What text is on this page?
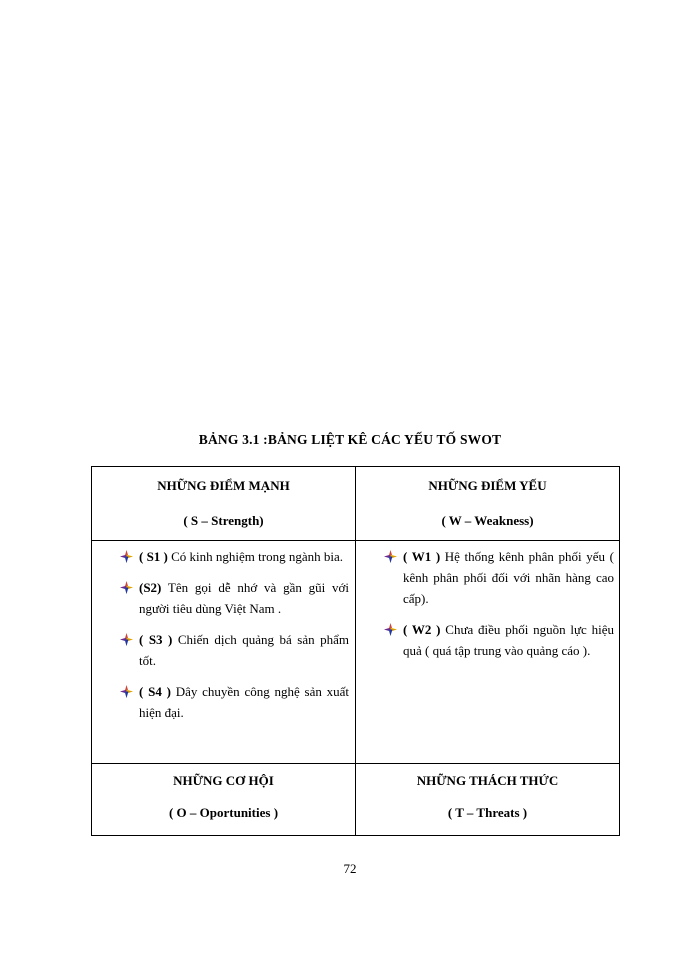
BẢNG 3.1 :BẢNG LIỆT KÊ CÁC YẾU TỐ SWOT
NHỮNG ĐIỂM MẠNH
( S – Strength)
NHỮNG ĐIỂM YẾU
( W – Weakness)
( S1 ) Có kinh nghiệm trong ngành bia.
(S2) Tên gọi dễ nhớ và gần gũi với người tiêu dùng Việt Nam .
( S3 ) Chiến dịch quảng bá sản phẩm tốt.
( S4 ) Dây chuyền công nghệ sản xuất hiện đại.
( W1 ) Hệ thống kênh phân phối yếu ( kênh phân phối đối với nhãn hàng cao cấp).
( W2 ) Chưa điều phối nguồn lực hiệu quả ( quá tập trung vào quảng cáo ).
NHỮNG CƠ HỘI
( O – Oportunities )
NHỮNG THÁCH THỨC
( T – Threats )
72
